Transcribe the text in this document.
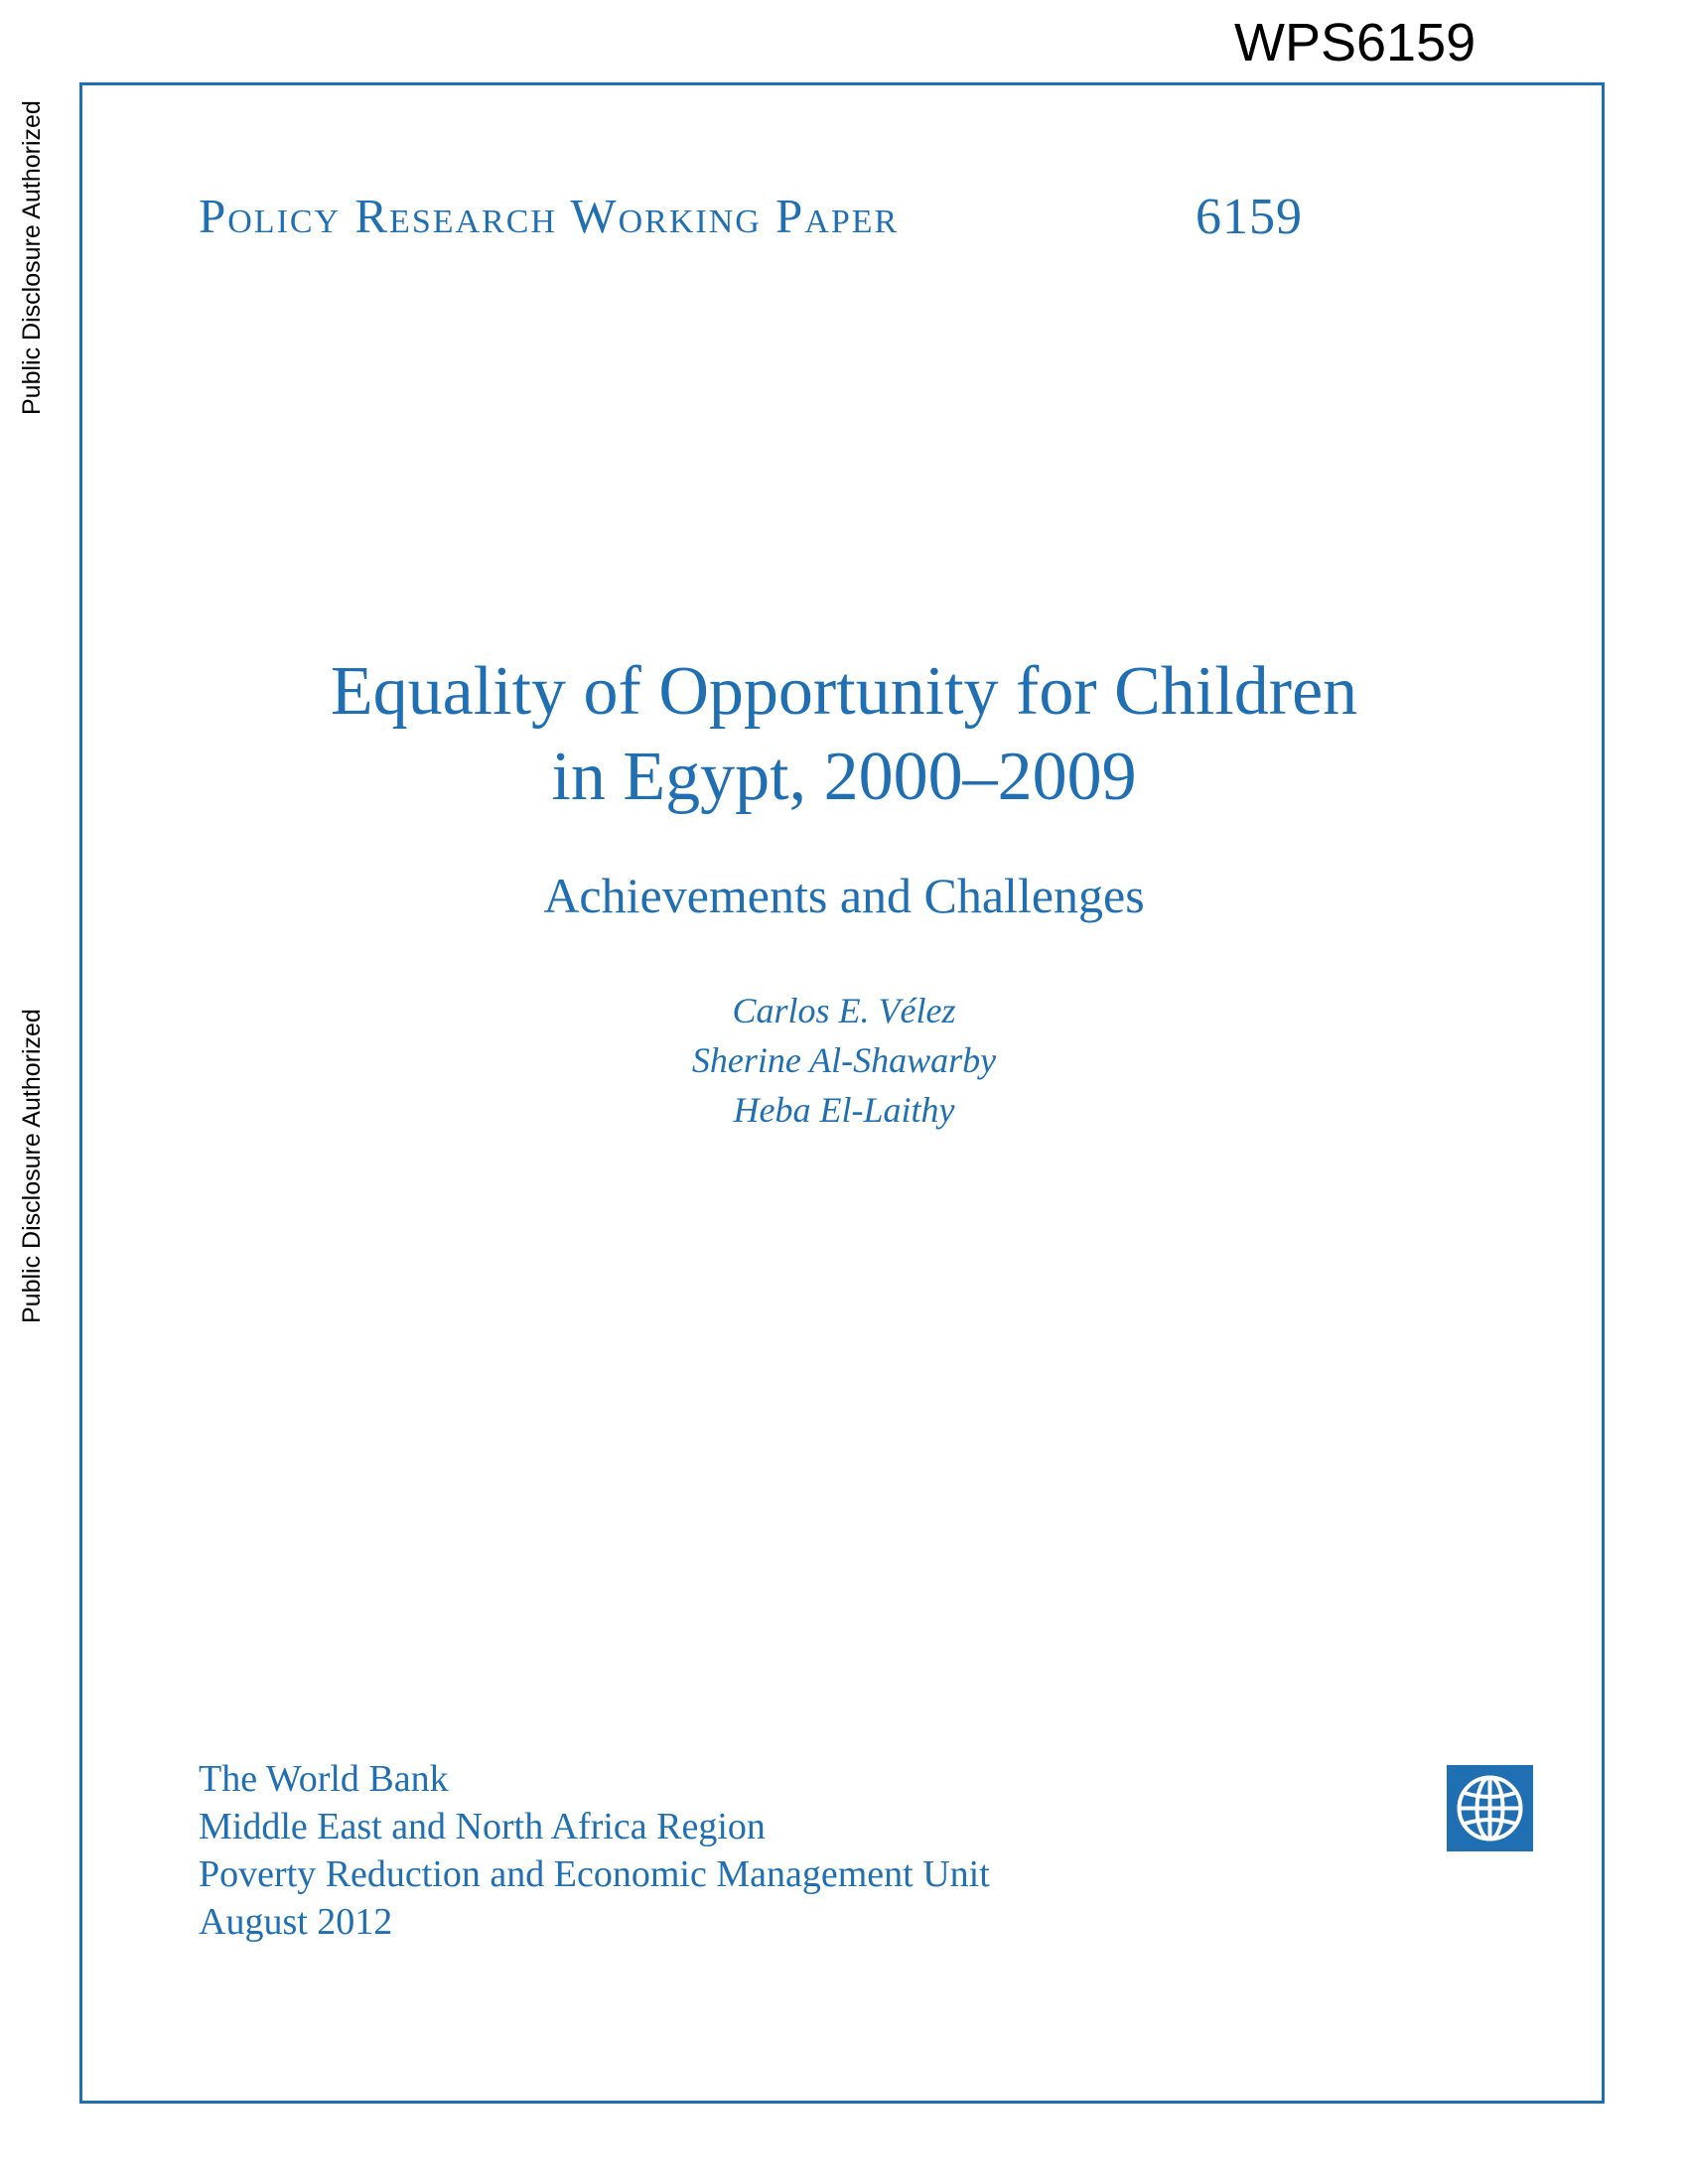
WPS6159
Public Disclosure Authorized
Public Disclosure Authorized
Policy Research Working Paper	6159
Equality of Opportunity for Children
in Egypt, 2000–2009
Achievements and Challenges
Carlos E. Vélez
Sherine Al-Shawarby
Heba El-Laithy
The World Bank
Middle East and North Africa Region
Poverty Reduction and Economic Management Unit
August 2012
